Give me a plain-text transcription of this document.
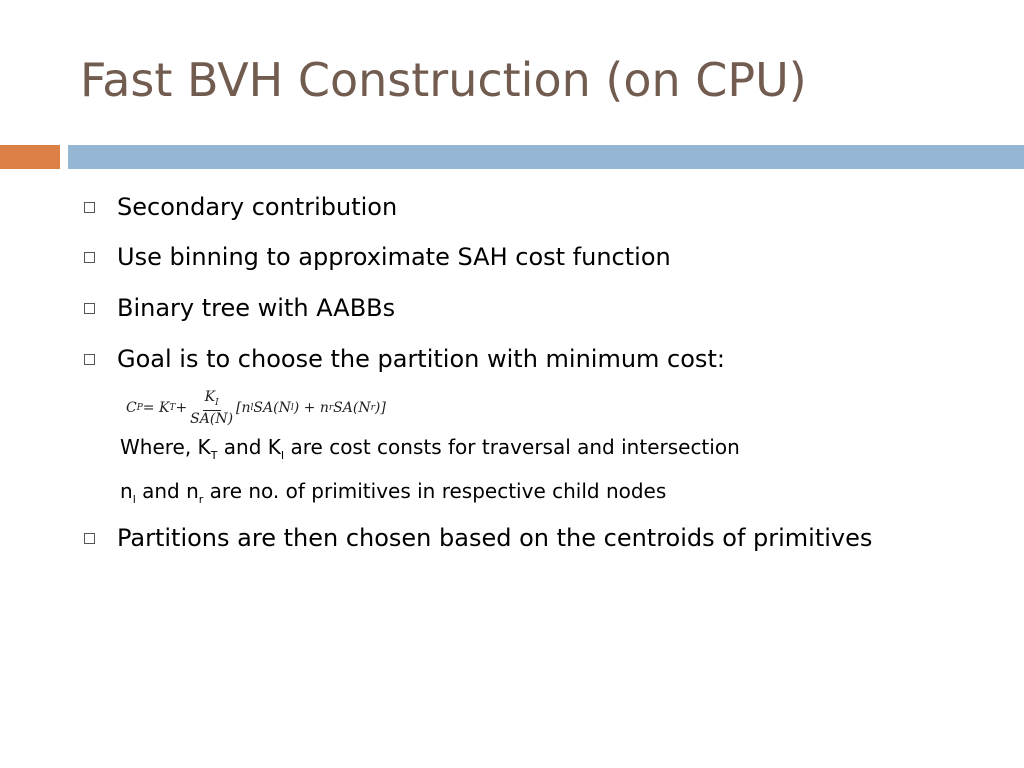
Fast BVH Construction (on CPU)
Secondary contribution
Use binning to approximate SAH cost function
Binary tree with AABBs
Goal is to choose the partition with minimum cost:
C P = K $T + \frac{K_I}{SA(N)} [n$ l SA(N l ) + n r SA(N r )]
Where, $K_T$ and $K_I$ are cost consts for traversal and intersection
$n_l$ and $n_r$ are no. of primitives in respective child nodes
Partitions are then chosen based on the centroids of primitives
